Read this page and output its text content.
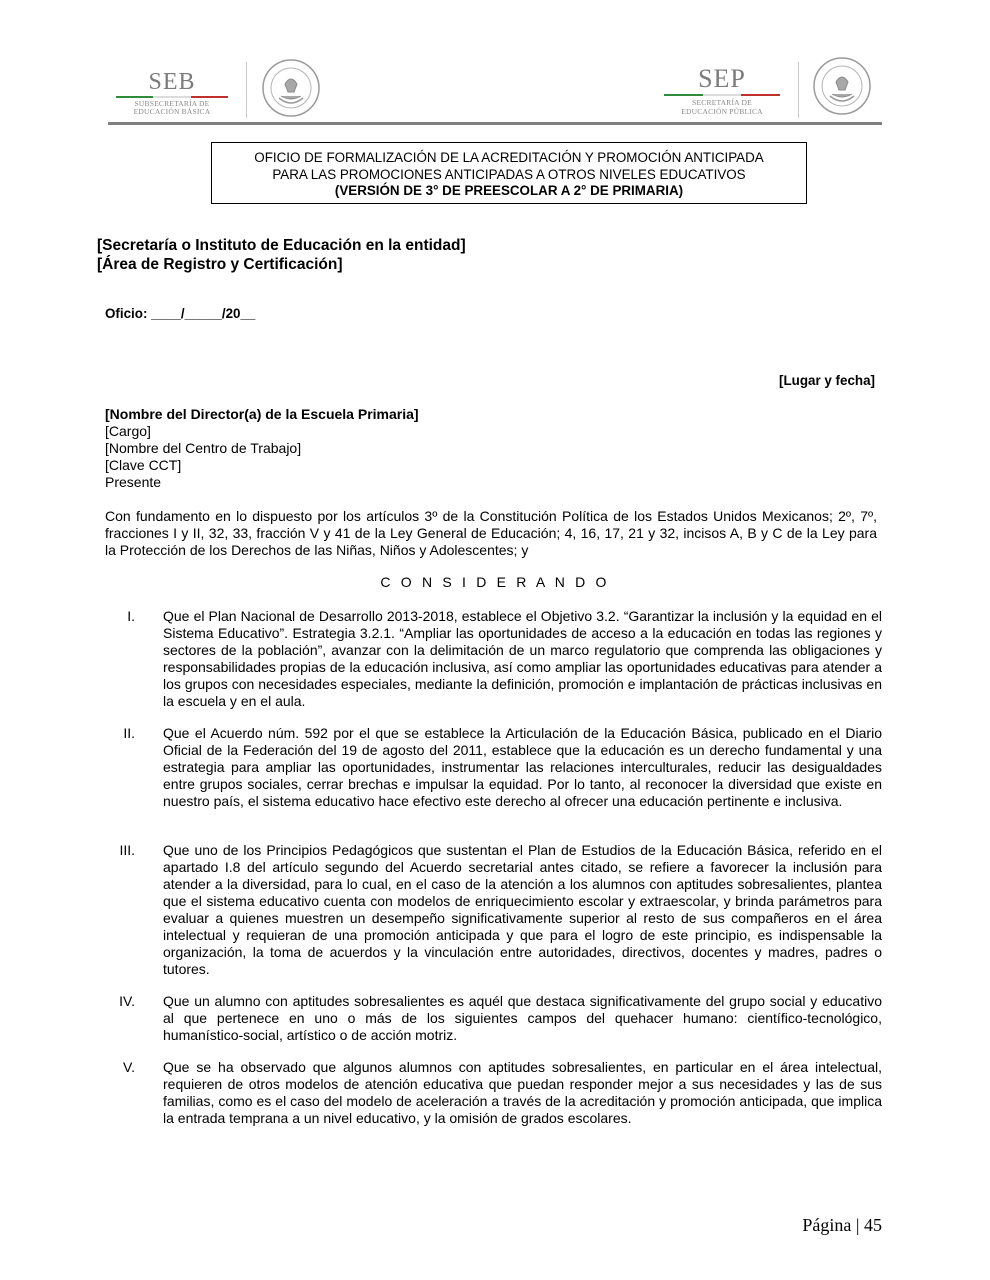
SEB
SUBSECRETARÍA DE
EDUCACIÓN BÁSICA
SEP
SECRETARÍA DE
EDUCACIÓN PÚBLICA
OFICIO DE FORMALIZACIÓN DE LA ACREDITACIÓN Y PROMOCIÓN ANTICIPADA
PARA LAS PROMOCIONES ANTICIPADAS A OTROS NIVELES EDUCATIVOS
(VERSIÓN DE 3° DE PREESCOLAR A 2° DE PRIMARIA)
[Secretaría o Instituto de Educación en la entidad]
[Área de Registro y Certificación]
Oficio: ____/_____/20__
[Lugar y fecha]
[Nombre del Director(a) de la Escuela Primaria]
[Cargo]
[Nombre del Centro de Trabajo]
[Clave CCT]
Presente
Con fundamento en lo dispuesto por los artículos 3º de la Constitución Política de los Estados Unidos Mexicanos; 2º, 7º, fracciones I y II, 32, 33, fracción V y 41 de la Ley General de Educación; 4, 16, 17, 21 y 32, incisos A, B y C de la Ley para la Protección de los Derechos de las Niñas, Niños y Adolescentes; y
C O N S I D E R A N D O
I. Que el Plan Nacional de Desarrollo 2013-2018, establece el Objetivo 3.2. “Garantizar la inclusión y la equidad en el Sistema Educativo”. Estrategia 3.2.1. “Ampliar las oportunidades de acceso a la educación en todas las regiones y sectores de la población”, avanzar con la delimitación de un marco regulatorio que comprenda las obligaciones y responsabilidades propias de la educación inclusiva, así como ampliar las oportunidades educativas para atender a los grupos con necesidades especiales, mediante la definición, promoción e implantación de prácticas inclusivas en la escuela y en el aula.
II. Que el Acuerdo núm. 592 por el que se establece la Articulación de la Educación Básica, publicado en el Diario Oficial de la Federación del 19 de agosto del 2011, establece que la educación es un derecho fundamental y una estrategia para ampliar las oportunidades, instrumentar las relaciones interculturales, reducir las desigualdades entre grupos sociales, cerrar brechas e impulsar la equidad. Por lo tanto, al reconocer la diversidad que existe en nuestro país, el sistema educativo hace efectivo este derecho al ofrecer una educación pertinente e inclusiva.
III. Que uno de los Principios Pedagógicos que sustentan el Plan de Estudios de la Educación Básica, referido en el apartado I.8 del artículo segundo del Acuerdo secretarial antes citado, se refiere a favorecer la inclusión para atender a la diversidad, para lo cual, en el caso de la atención a los alumnos con aptitudes sobresalientes, plantea que el sistema educativo cuenta con modelos de enriquecimiento escolar y extraescolar, y brinda parámetros para evaluar a quienes muestren un desempeño significativamente superior al resto de sus compañeros en el área intelectual y requieran de una promoción anticipada y que para el logro de este principio, es indispensable la organización, la toma de acuerdos y la vinculación entre autoridades, directivos, docentes y madres, padres o tutores.
IV. Que un alumno con aptitudes sobresalientes es aquél que destaca significativamente del grupo social y educativo al que pertenece en uno o más de los siguientes campos del quehacer humano: científico-tecnológico, humanístico-social, artístico o de acción motriz.
V. Que se ha observado que algunos alumnos con aptitudes sobresalientes, en particular en el área intelectual, requieren de otros modelos de atención educativa que puedan responder mejor a sus necesidades y las de sus familias, como es el caso del modelo de aceleración a través de la acreditación y promoción anticipada, que implica la entrada temprana a un nivel educativo, y la omisión de grados escolares.
Página | 45
